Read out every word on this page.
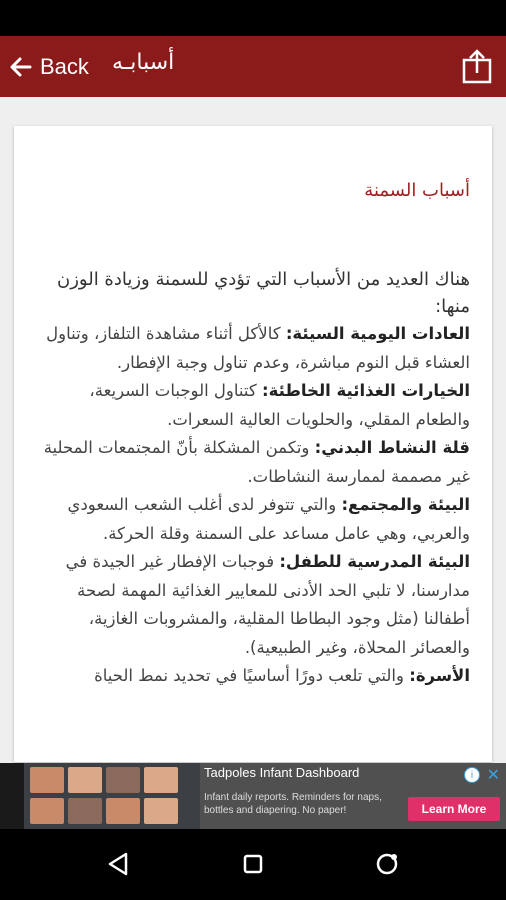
Back أسبابـه
أسباب السمنة
هناك العديد من الأسباب التي تؤدي للسمنة وزيادة الوزن منها:

العادات اليومية السيئة: كالأكل أثناء مشاهدة التلفاز، وتناول العشاء قبل النوم مباشرة، وعدم تناول وجبة الإفطار.

الخيارات الغذائية الخاطئة: كتناول الوجبات السريعة، والطعام المقلي، والحلويات العالية السعرات.

قلة النشاط البدني: وتكمن المشكلة بأنّ المجتمعات المحلية غير مصممة لممارسة النشاطات.

البيئة والمجتمع: والتي تتوفر لدى أغلب الشعب السعودي والعربي، وهي عامل مساعد على السمنة وقلة الحركة.

البيئة المدرسية للطفل: فوجبات الإفطار غير الجيدة في مدارسنا، لا تلبي الحد الأدنى للمعايير الغذائية المهمة لصحة أطفالنا (مثل وجود البطاطا المقلية، والمشروبات الغازية، والعصائر المحلاة، وغير الطبيعية).

الأسرة: والتي تلعب دورًا أساسيًا في تحديد نمط الحياة

Tadpoles Infant Dashboard
Infant daily reports. Reminders for naps, bottles and diapering. No paper!	Learn More
i ✕
